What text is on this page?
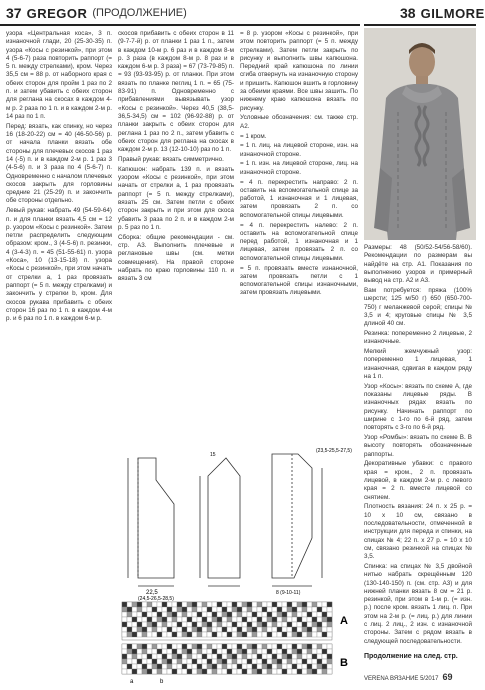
37 GREGOR (ПРОДОЛЖЕНИЕ)	38 GILMORE

узора «Центральная коса», 3 п. изнаночной глади, 20 (25-30-35) п. узора «Косы с резинкой», при этом 4 (5-6-7) раза повторить раппорт (= 5 п. между стрелками), кром. Через 35,5 см = 88 р. от наборного края с обеих сторон для пройм 1 раз по 2 п. и затем убавить с обеих сторон для реглана на скосах в каждом 4-м р. 2 раза по 1 п. и в каждом 2-м р. 14 раз по 1 п.

Перед: вязать, как спинку, но через 16 (18-20-22) см = 40 (46-50-56) р. от начала планки вязать обе стороны для плечевых скосов 1 раз 14 (-5) п. и в каждом 2-м р. 1 раз 3 (4-5-6) п. и 3 раза по 4 (5-6-7) п. Одновременно с началом плечевых скосов закрыть для горловины средние 21 (25-29) п. и закончить обе стороны отдельно.

Левый рукав: набрать 49 (54-59-64) п. и для планки вязать 4,5 см = 12 р. узором «Косы с резинкой». Затем петли распределить следующим образом: кром., 3 (4-5-6) п. резинки, 4 (3-4-3) п. = 45 (51-55-61) п. узора «Коса», 10 (13-15-18) п. узора «Косы с резинкой», при этом начать от стрелки a, 1 раз провязать раппорт (= 5 п. между стрелками) и закончить у стрелки b, кром. Для скосов рукава прибавить с обеих сторон 16 раз по 1 п. в каждом 4-м р. и 6 раз по 1 п. в каждом 6-м р.

скосов прибавить с обеих сторон в 11 (9-7-7-й) р. от планки 1 раз 1 п., затем в каждом 10-м р. 6 раз и в каждом 8-м р. 3 раза (в каждом 8-м р. 8 раз и в каждом 6-м р. 3 раза) = 67 (73-79-85) п. = 93 (93-93-95) р. от планки. При этом вязать по планке пеглиц 1 п. = 65 (75-83-91) п. Одновременно с прибавлениями вывязывать узор «Косы с резинкой». Через 40,5 (38,5-36,5-34,5) см = 102 (96-92-88) р. от планки закрыть с обеих сторон для реглана 1 раз по 2 п., затем убавить с обеих сторон для реглана на скосах в каждом 2-м р. 13 (12-10-10) раз по 1 п.

Правый рукав: вязать симметрично.

Капюшон: набрать 139 п. и вязать узором «Косы с резинкой», при этом начать от стрелки a, 1 раз провязать раппорт (= 5 п. между стрелками), вязать 25 см. Затем петли с обеих сторон закрыть и при этом для скоса убавить 3 раза по 2 п. и в каждом 2-м р. 5 раз по 1 п.

Сборка: общие рекомендации - см. стр. А3. Выполнить плечевые и реглановые швы (см. метки совмещения). На правой стороне набрать по краю горловины 110 п. и вязать 3 см

= 8 р. узором «Косы с резинкой», при этом повторить раппорт (= 5 п. между стрелками). Затем петли закрыть по рисунку и выполнить швы капюшона. Передний край капюшона по линии сгиба отвернуть на изнаночную сторону и пришить. Капюшон вшить в горловину за обеими краями. Все швы зашить. По нижнему краю капюшона вязать по рисунку.

Условные обозначения: см. также стр. А2.

= 1 кром.

= 1 п. лиц. на лицевой стороне, изн. на изнаночной стороне.

= 1 п. изн. на лицевой стороне, лиц. на изнаночной стороне.

= 4 п. перекрестить направо: 2 п. оставить на вспомогательной спице за работой, 1 изнаночная и 1 лицевая, затем провязать 2 п. со вспомогательной спицы лицевыми.

= 4 п. перекрестить налево: 2 п. оставить на вспомогательной спице перед работой, 1 изнаночная и 1 лицевая, затем провязать 2 п. со вспомогательной спицы лицевыми.

= 5 п. провязать вместе изнаночной, затем провязать петли с 1 вспомогательной спицы изнаночными, затем провязать лицевыми.

Размеры: 48 (50/52-54/56-58/60). Рекомендации по размерам вы найдёте на стр. А1. Показания по выполнению узоров и примерный вывод на стр. А2 и А3.

Вам потребуется: пряжа (100% шерсти; 125 м/50 г) 650 (650-700-750) г меланжевой серой; спицы № 3,5 и 4; круговые спицы № 3,5 длиной 40 см.

Резинка: попеременно 2 лицевые, 2 изнаночные.

Мелкий жемчужный узор: попеременно 1 лицевая, 1 изнаночная, сдвигая в каждом ряду на 1 п.

Узор «Косы»: вязать по схеме А, где показаны лицевые ряды. В изнаночных рядах вязать по рисунку. Начинать раппорт по ширине с 1-го по 6-й ряд, затем повторять с 3-го по 6-й ряд.

Узор «Ромбы»: вязать по схеме В. В высоту повторять обозначенные раппорты.

Декоративные убавки: с правого края = кром., 2 п. провязать лицевой, в каждом 2-м р. с левого края = 2 п. вместе лицевой со снятием.

Плотность вязания: 24 п. x 25 р. = 10 x 10 см, связано в последовательности, отмеченной в инструкции для переда и спинки, на спицах № 4; 22 п. x 27 р. = 10 x 10 см, связано резинкой на спицах № 3,5.

Спинка: на спицах № 3,5 двойной нитью набрать скрещённым 120 (130-140-150) п. (см. стр. А3) и для нижней планки вязать 8 см = 21 р. резинкой, при этом в 1-м р. (= изн. р.) после кром. вязать 1 лиц. п. При этом на 2-м р. (= лиц. р.) для линии с лиц. 2 лиц., 2 изн. с изнаночной стороны. Затем с рядом вязать в следующей последовательности.

22,5
(24,5-26,5-28,5)
15
8 (9-10-11)
(23,5-25,5-27,5)
A
B
a	b
Продолжение на след. стр.
VERENA ВЯЗАНИЕ 5/2017 69
